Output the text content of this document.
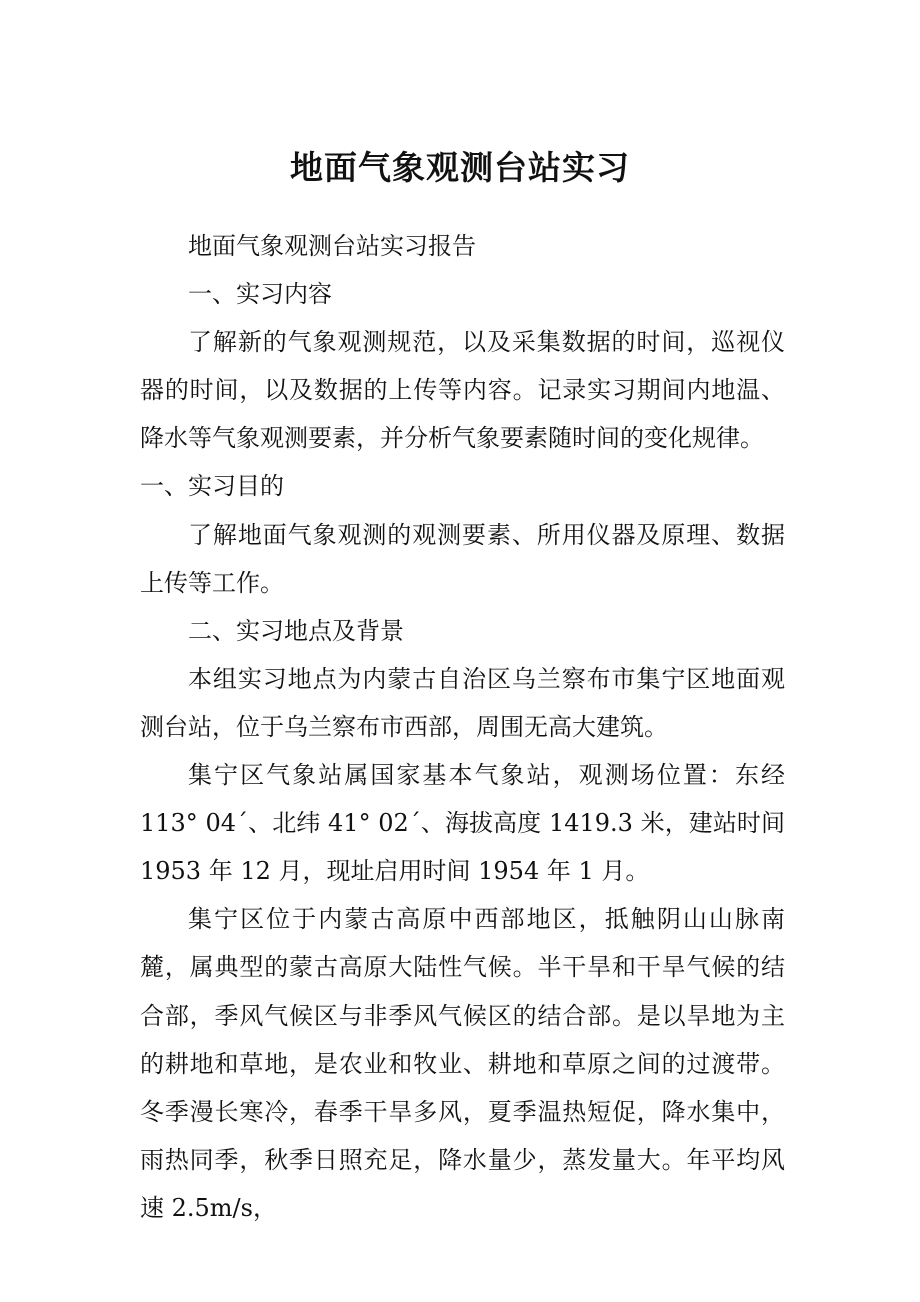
地面气象观测台站实习

地面气象观测台站实习报告

一、实习内容

了解新的气象观测规范，以及采集数据的时间，巡视仪器的时间，以及数据的上传等内容。记录实习期间内地温、降水等气象观测要素，并分析气象要素随时间的变化规律。

一、实习目的

了解地面气象观测的观测要素、所用仪器及原理、数据上传等工作。

二、实习地点及背景

本组实习地点为内蒙古自治区乌兰察布市集宁区地面观测台站，位于乌兰察布市西部，周围无高大建筑。

集宁区气象站属国家基本气象站，观测场位置：东经 113° 04´、北纬 41° 02´、海拔高度 1419.3 米，建站时间 1953 年 12 月，现址启用时间 1954 年 1 月。

集宁区位于内蒙古高原中西部地区，抵触阴山山脉南麓，属典型的蒙古高原大陆性气候。半干旱和干旱气候的结合部，季风气候区与非季风气候区的结合部。是以旱地为主的耕地和草地，是农业和牧业、耕地和草原之间的过渡带。冬季漫长寒冷，春季干旱多风，夏季温热短促，降水集中，雨热同季，秋季日照充足，降水量少，蒸发量大。年平均风速 2.5m/s，
